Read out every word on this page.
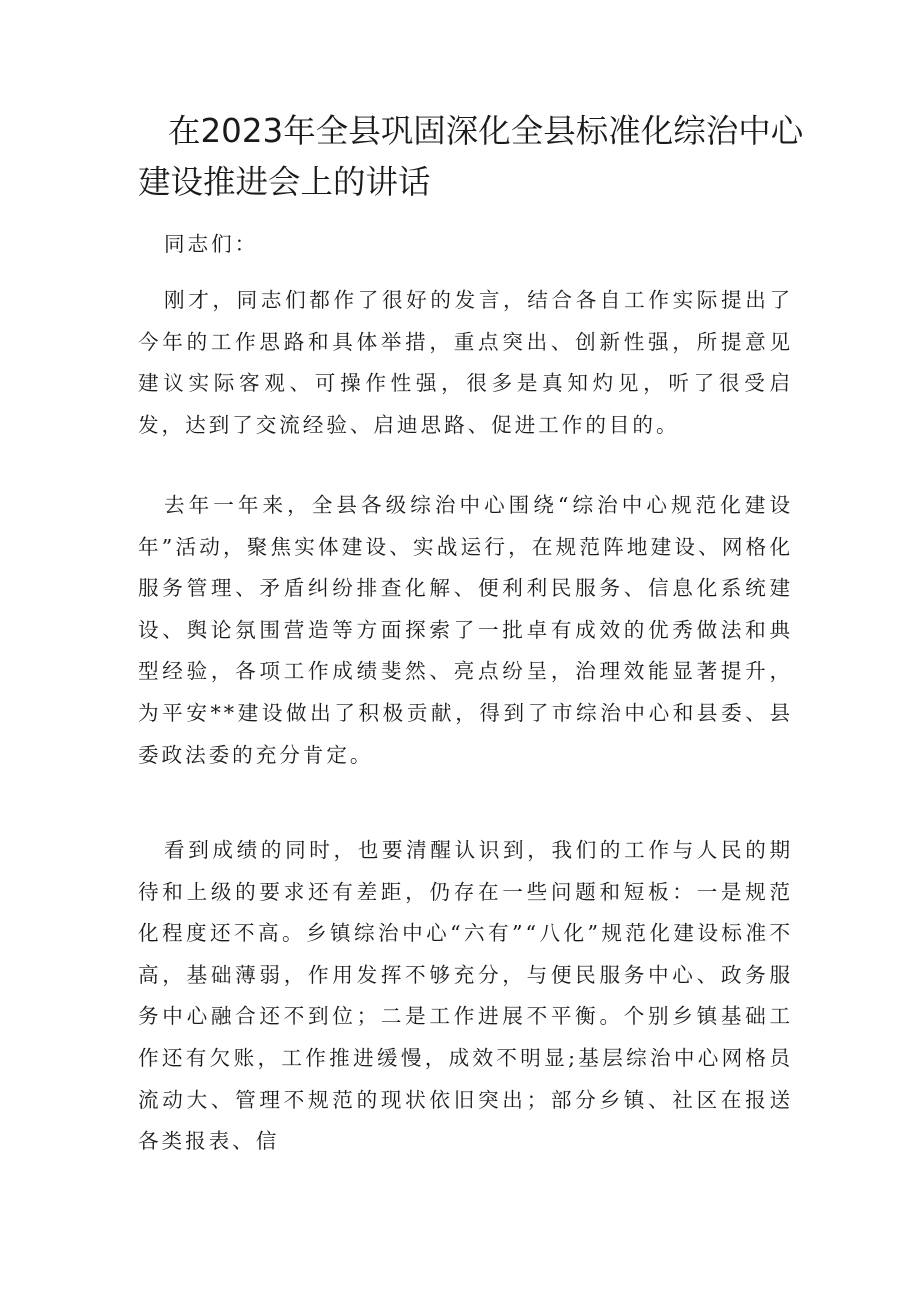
在2023年全县巩固深化全县标准化综治中心建设推进会上的讲话

同志们：

刚才，同志们都作了很好的发言，结合各自工作实际提出了今年的工作思路和具体举措，重点突出、创新性强，所提意见建议实际客观、可操作性强，很多是真知灼见，听了很受启发，达到了交流经验、启迪思路、促进工作的目的。

去年一年来，全县各级综治中心围绕“综治中心规范化建设年”活动，聚焦实体建设、实战运行，在规范阵地建设、网格化服务管理、矛盾纠纷排查化解、便利利民服务、信息化系统建设、舆论氛围营造等方面探索了一批卓有成效的优秀做法和典型经验，各项工作成绩斐然、亮点纷呈，治理效能显著提升，为平安**建设做出了积极贡献，得到了市综治中心和县委、县委政法委的充分肯定。

看到成绩的同时，也要清醒认识到，我们的工作与人民的期待和上级的要求还有差距，仍存在一些问题和短板：一是规范化程度还不高。乡镇综治中心“六有”“八化”规范化建设标准不高，基础薄弱，作用发挥不够充分，与便民服务中心、政务服务中心融合还不到位；二是工作进展不平衡。个别乡镇基础工作还有欠账，工作推进缓慢，成效不明显;基层综治中心网格员流动大、管理不规范的现状依旧突出；部分乡镇、社区在报送各类报表、信
